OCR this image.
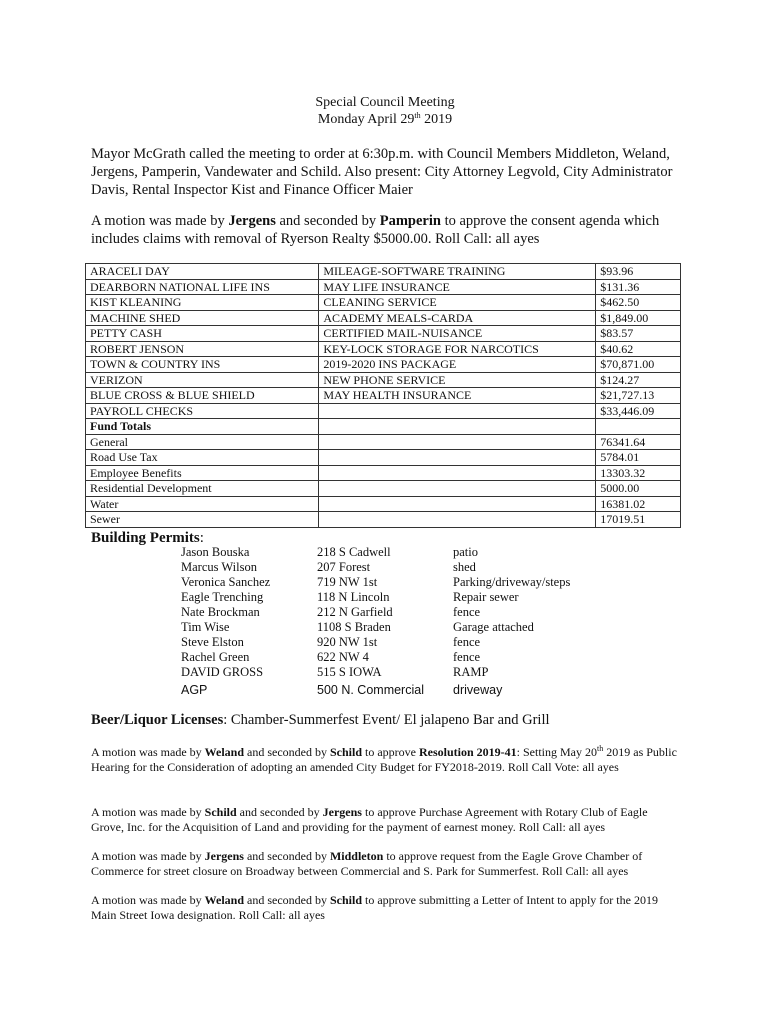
Special Council Meeting
Monday April 29th 2019

Mayor McGrath called the meeting to order at 6:30p.m. with Council Members Middleton, Weland, Jergens, Pamperin, Vandewater and Schild. Also present: City Attorney Legvold, City Administrator Davis, Rental Inspector Kist and Finance Officer Maier

A motion was made by Jergens and seconded by Pamperin to approve the consent agenda which includes claims with removal of Ryerson Realty $5000.00. Roll Call: all ayes

ARACELI DAY	MILEAGE-SOFTWARE TRAINING	$93.96
DEARBORN NATIONAL LIFE INS	MAY LIFE INSURANCE	$131.36
KIST KLEANING	CLEANING SERVICE	$462.50
MACHINE SHED	ACADEMY MEALS-CARDA	$1,849.00
PETTY CASH	CERTIFIED MAIL-NUISANCE	$83.57
ROBERT JENSON	KEY-LOCK STORAGE FOR NARCOTICS	$40.62
TOWN & COUNTRY INS	2019-2020 INS PACKAGE	$70,871.00
VERIZON	NEW PHONE SERVICE	$124.27
BLUE CROSS & BLUE SHIELD	MAY HEALTH INSURANCE	$21,727.13
PAYROLL CHECKS		$33,446.09
Fund Totals		
General		76341.64
Road Use Tax		5784.01
Employee Benefits		13303.32
Residential Development		5000.00
Water		16381.02
Sewer		17019.51
Building Permits:
Jason Bouska	218 S Cadwell	patio
Marcus Wilson	207 Forest	shed
Veronica Sanchez	719 NW 1st	Parking/driveway/steps
Eagle Trenching	118 N Lincoln	Repair sewer
Nate Brockman	212 N Garfield	fence
Tim Wise	1108 S Braden	Garage attached
Steve Elston	920 NW 1st	fence
Rachel Green	622 NW 4	fence
DAVID GROSS	515 S IOWA	RAMP
AGP	500 N. Commercial	driveway
Beer/Liquor Licenses: Chamber-Summerfest Event/ El jalapeno Bar and Grill

A motion was made by Weland and seconded by Schild to approve Resolution 2019-41: Setting May 20th 2019 as Public Hearing for the Consideration of adopting an amended City Budget for FY2018-2019. Roll Call Vote: all ayes

A motion was made by Schild and seconded by Jergens to approve Purchase Agreement with Rotary Club of Eagle Grove, Inc. for the Acquisition of Land and providing for the payment of earnest money. Roll Call: all ayes

A motion was made by Jergens and seconded by Middleton to approve request from the Eagle Grove Chamber of Commerce for street closure on Broadway between Commercial and S. Park for Summerfest. Roll Call: all ayes

A motion was made by Weland and seconded by Schild to approve submitting a Letter of Intent to apply for the 2019 Main Street Iowa designation. Roll Call: all ayes
